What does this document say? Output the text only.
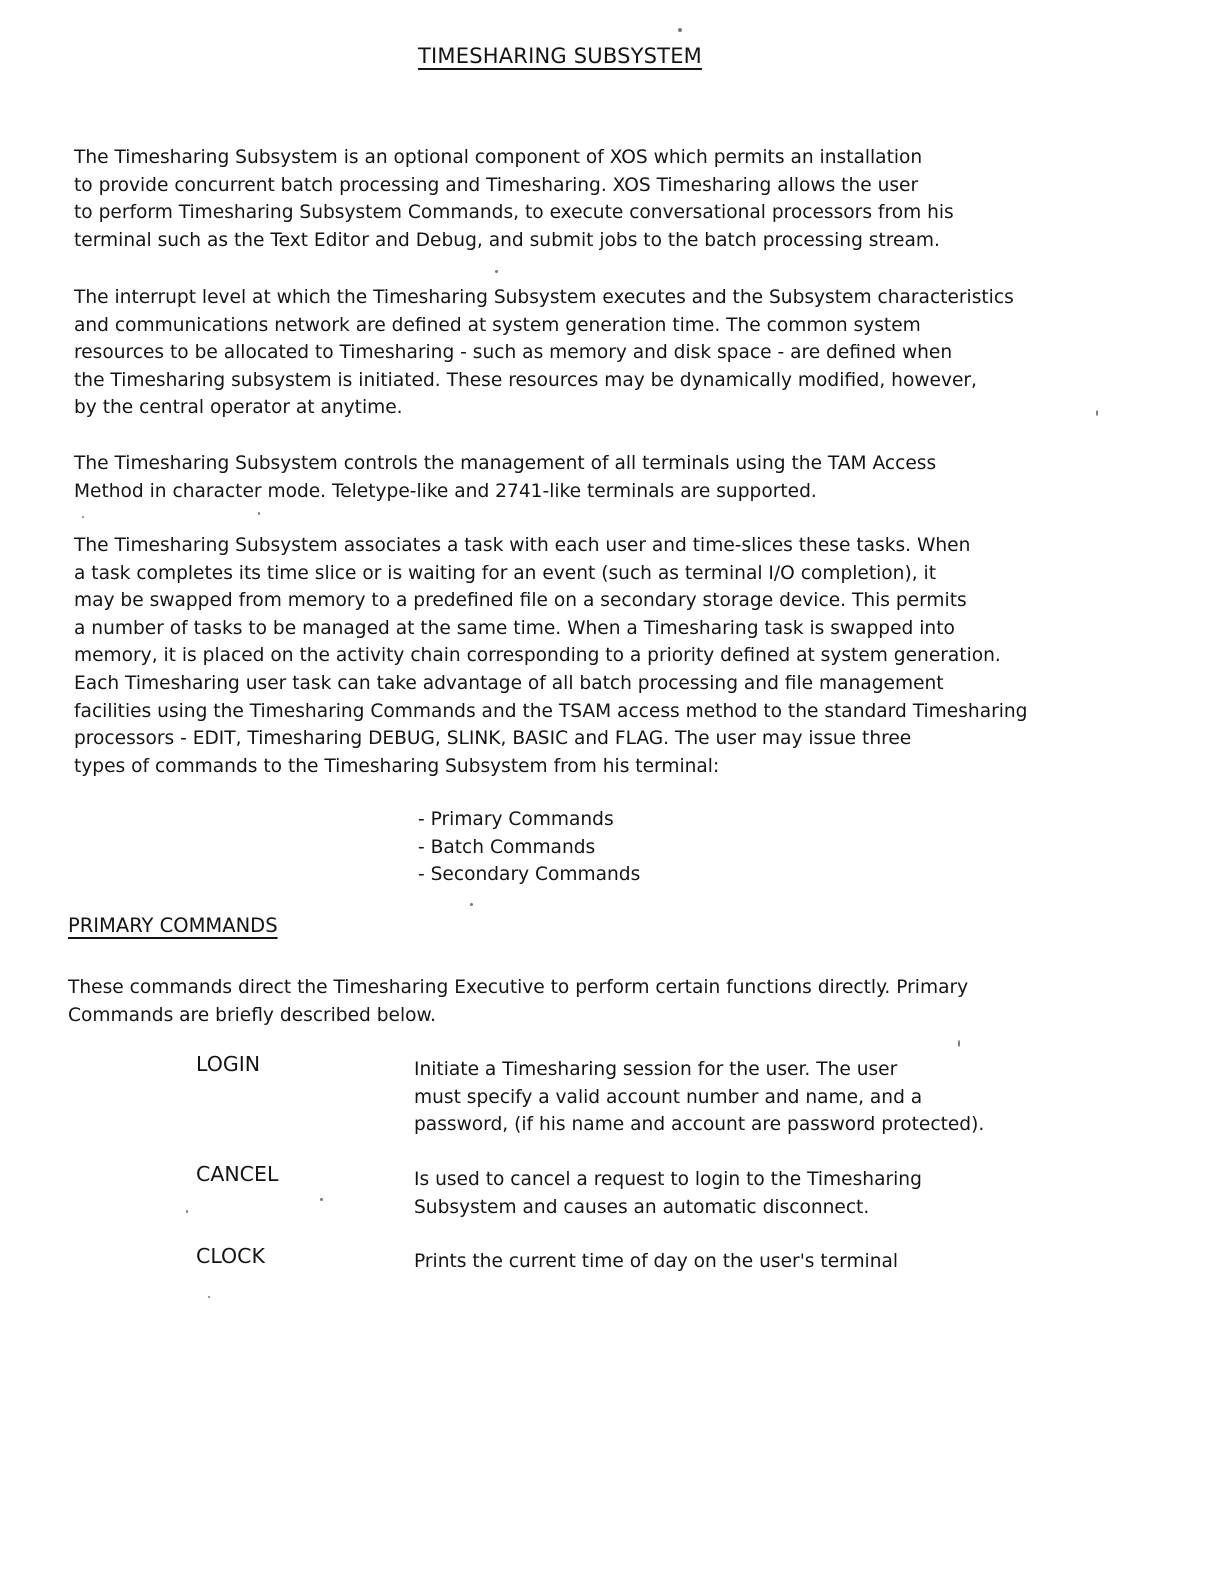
TIMESHARING SUBSYSTEM

The Timesharing Subsystem is an optional component of XOS which permits an installation
to provide concurrent batch processing and Timesharing. XOS Timesharing allows the user
to perform Timesharing Subsystem Commands, to execute conversational processors from his
terminal such as the Text Editor and Debug, and submit jobs to the batch processing stream.

The interrupt level at which the Timesharing Subsystem executes and the Subsystem characteristics
and communications network are defined at system generation time. The common system
resources to be allocated to Timesharing - such as memory and disk space - are defined when
the Timesharing subsystem is initiated. These resources may be dynamically modified, however,
by the central operator at anytime.

The Timesharing Subsystem controls the management of all terminals using the TAM Access
Method in character mode. Teletype-like and 2741-like terminals are supported.

The Timesharing Subsystem associates a task with each user and time-slices these tasks. When
a task completes its time slice or is waiting for an event (such as terminal I/O completion), it
may be swapped from memory to a predefined file on a secondary storage device. This permits
a number of tasks to be managed at the same time. When a Timesharing task is swapped into
memory, it is placed on the activity chain corresponding to a priority defined at system generation.
Each Timesharing user task can take advantage of all batch processing and file management
facilities using the Timesharing Commands and the TSAM access method to the standard Timesharing
processors - EDIT, Timesharing DEBUG, SLINK, BASIC and FLAG. The user may issue three
types of commands to the Timesharing Subsystem from his terminal:

- Primary Commands
- Batch Commands
- Secondary Commands
PRIMARY COMMANDS

These commands direct the Timesharing Executive to perform certain functions directly. Primary
Commands are briefly described below.

LOGIN	Initiate a Timesharing session for the user. The user
must specify a valid account number and name, and a
password, (if his name and account are password protected).
CANCEL	Is used to cancel a request to login to the Timesharing
Subsystem and causes an automatic disconnect.
CLOCK	Prints the current time of day on the user's terminal
